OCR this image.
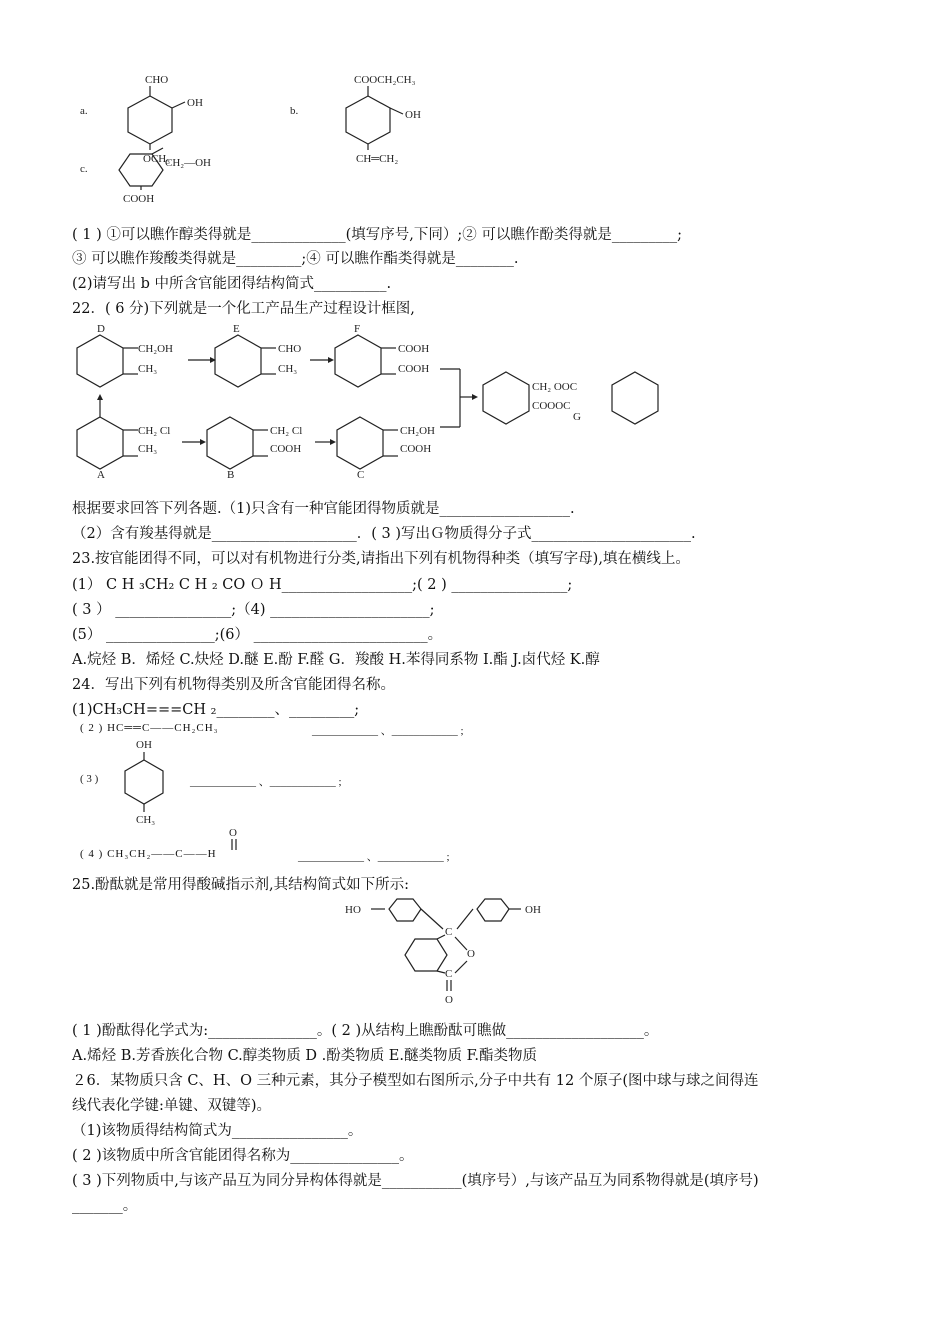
a.
CHO
OH
OCH₃
b.
COOCH₂CH₃
OH
CH═CH₂
c.	CH₂—OH
COOH
( 1 ) ①可以瞧作醇类得就是_____________(填写序号,下同）;② 可以瞧作酚类得就是_________;
③ 可以瞧作羧酸类得就是_________;④ 可以瞧作酯类得就是________.
(2)请写出 b 中所含官能团得结构简式__________.
22．( 6 分)下列就是一个化工产品生产过程设计框图,
D
CH₂OH
CH₃
E
CHO
CH₃
F
COOH
COOH
CH₂ OOC
COOOC
G
CH₂ Cl
CH₃
A
CH₂ Cl
COOH
B
CH₂OH
COOH
C
根据要求回答下列各题.（1)只含有一种官能团得物质就是__________________.
（2）含有羧基得就是____________________．( 3 )写出Ｇ物质得分子式______________________.
23.按官能团得不同，可以对有机物进行分类,请指出下列有机物得种类（填写字母),填在横线上。
(1） C H ₃CH₂ C H ₂ CO Ｏ H__________________;( 2 ) ________________;
( 3 ） ________________;（4) ______________________;
(5） _______________;(6） ________________________。
A.烷烃 B．烯烃 C.炔烃 D.醚 E.酚 F.醛 G．羧酸 H.苯得同系物 I.酯 J.卤代烃 K.醇
24．写出下列有机物得类别及所含官能团得名称。
(1)CH₃CH===CH ₂________、_________;
( 2 ) HC══C——CH₂CH₃	____________ 、____________ ;
( 3 )
OH
CH₃
____________ 、____________ ;
O
( 4 ) CH₃CH₂——C——H	____________ 、____________ ;
25.酚酞就是常用得酸碱指示剂,其结构简式如下所示:
HO
C
OH
O
C
O
( 1 )酚酞得化学式为:_______________。( 2 )从结构上瞧酚酞可瞧做___________________。
A.烯烃 B.芳香族化合物 C.醇类物质 D .酚类物质 E.醚类物质 F.酯类物质
２6．某物质只含 C、H、O 三种元素，其分子模型如右图所示,分子中共有 12 个原子(图中球与球之间得连
线代表化学键:单键、双键等)。
（1)该物质得结构简式为________________。
( 2 )该物质中所含官能团得名称为_______________。
( 3 )下列物质中,与该产品互为同分异构体得就是___________(填序号）,与该产品互为同系物得就是(填序号)
_______。
